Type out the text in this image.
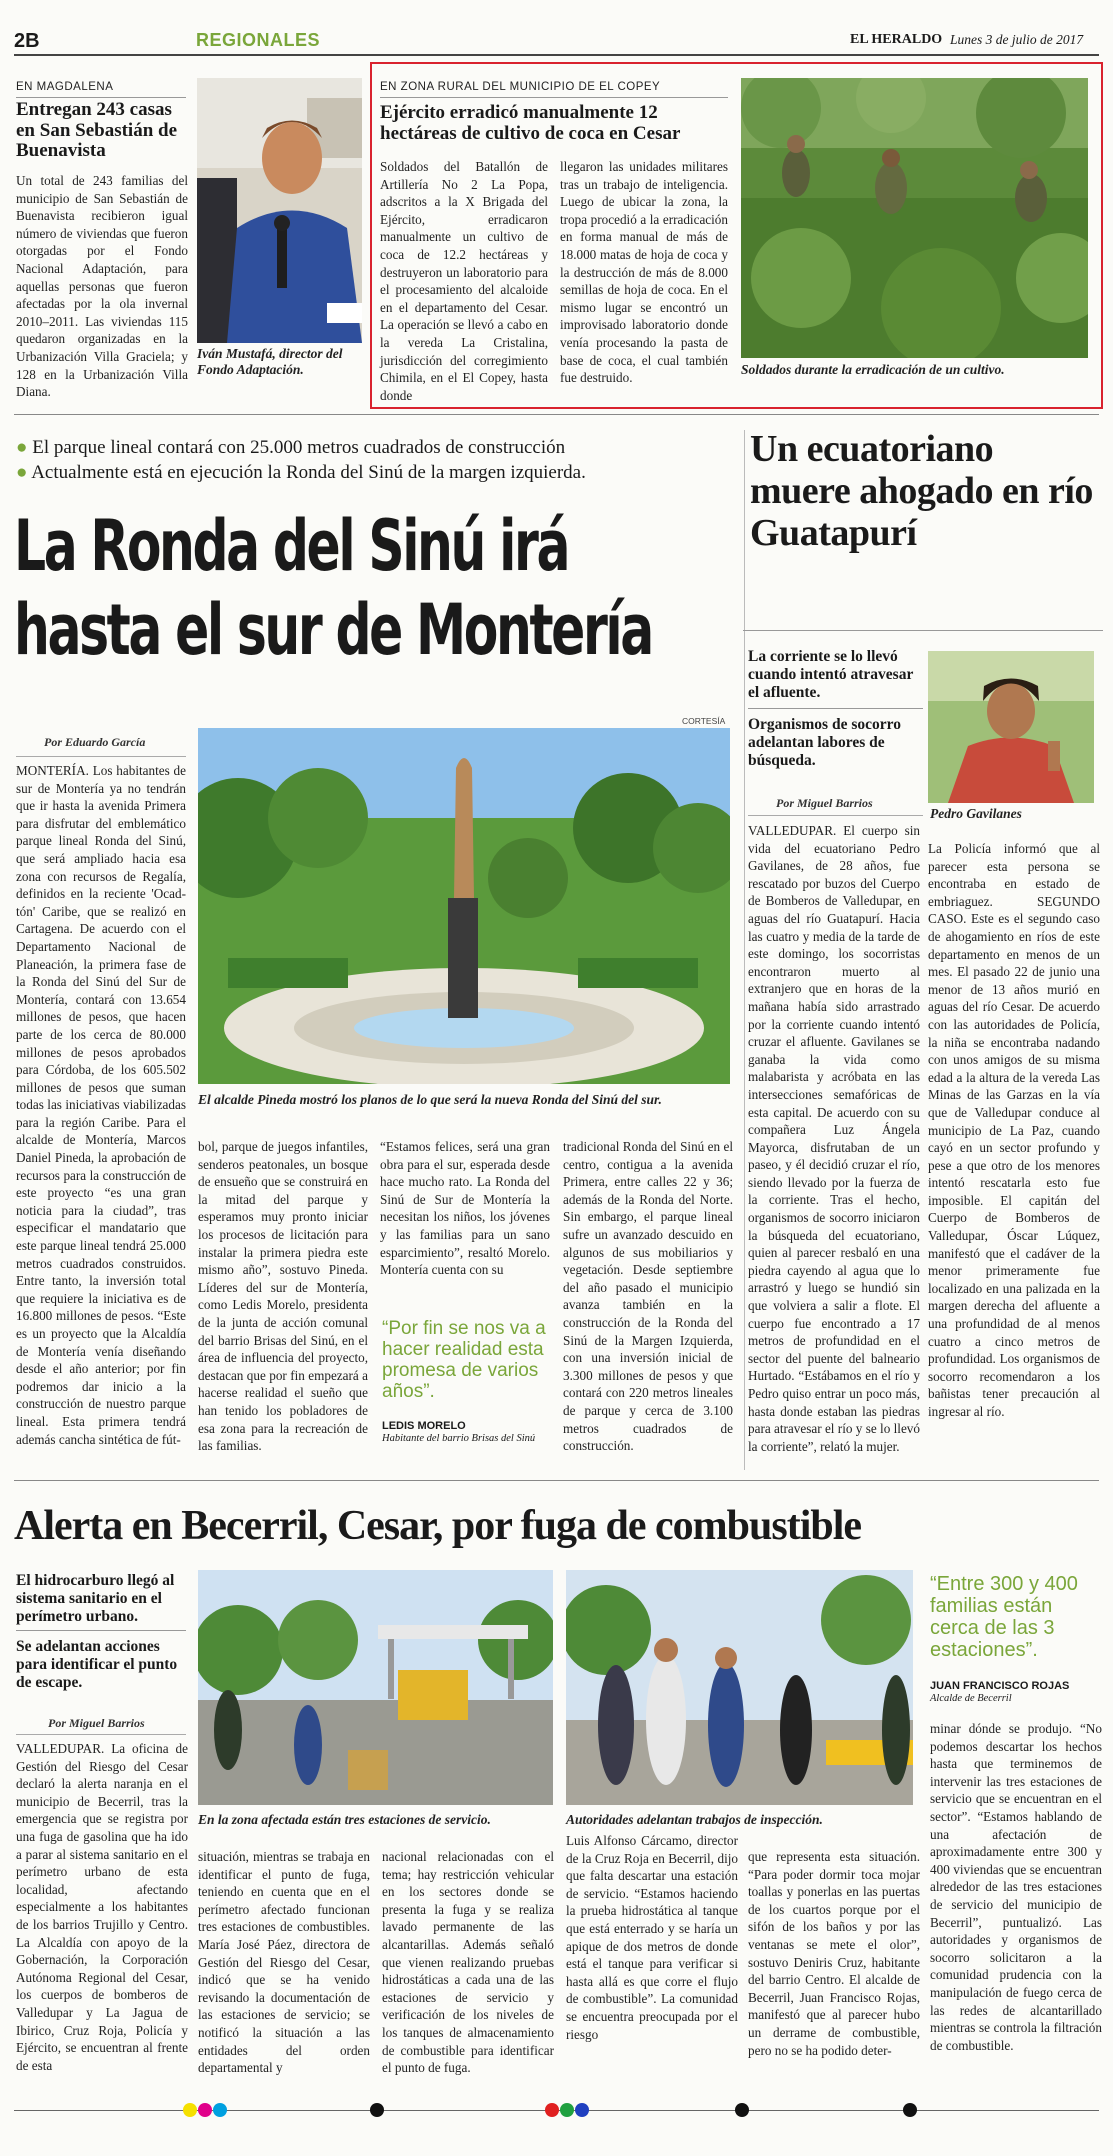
2B	REGIONALES	EL HERALDO Lunes 3 de julio de 2017
EN MAGDALENA
Entregan 243 casas en San Sebastián de Buenavista
Un total de 243 familias del municipio de San Sebastián de Buenavista recibieron igual número de viviendas que fueron otorgadas por el Fondo Nacional Adaptación, para aquellas personas que fueron afectadas por la ola invernal 2010–2011. Las viviendas 115 quedaron organizadas en la Urbanización Villa Graciela; y 128 en la Urbanización Villa Diana.
Iván Mustafá, director del Fondo Adaptación.
EN ZONA RURAL DEL MUNICIPIO DE EL COPEY
Ejército erradicó manualmente 12 hectáreas de cultivo de coca en Cesar
Soldados del Batallón de Artillería No 2 La Popa, adscritos a la X Brigada del Ejército, erradicaron manualmente un cultivo de coca de 12.2 hectáreas y destruyeron un laboratorio para el procesamiento del alcaloide en el departamento del Cesar. La operación se llevó a cabo en la vereda La Cristalina, jurisdicción del corregimiento Chimila, en el El Copey, hasta donde
llegaron las unidades militares tras un trabajo de inteligencia. Luego de ubicar la zona, la tropa procedió a la erradicación en forma manual de más de 18.000 matas de hoja de coca y la destrucción de más de 8.000 semillas de hoja de coca. En el mismo lugar se encontró un improvisado laboratorio donde venía procesando la pasta de base de coca, el cual también fue destruido.
Soldados durante la erradicación de un cultivo.
● El parque lineal contará con 25.000 metros cuadrados de construcción
● Actualmente está en ejecución la Ronda del Sinú de la margen izquierda.
La Ronda del Sinú irá
hasta el sur de Montería
CORTESÍA
Por Eduardo García
El alcalde Pineda mostró los planos de lo que será la nueva Ronda del Sinú del sur.
MONTERÍA. Los habitantes de sur de Montería ya no tendrán que ir hasta la avenida Primera para disfrutar del emblemático parque lineal Ronda del Sinú, que será ampliado hacia esa zona con recursos de Regalía, definidos en la reciente 'Ocad-tón' Caribe, que se realizó en Cartagena. De acuerdo con el Departamento Nacional de Planeación, la primera fase de la Ronda del Sinú del Sur de Montería, contará con 13.654 millones de pesos, que hacen parte de los cerca de 80.000 millones de pesos aprobados para Córdoba, de los 605.502 millones de pesos que suman todas las iniciativas viabilizadas para la región Caribe. Para el alcalde de Montería, Marcos Daniel Pineda, la aprobación de recursos para la construcción de este proyecto “es una gran noticia para la ciudad”, tras especificar el mandatario que este parque lineal tendrá 25.000 metros cuadrados construidos. Entre tanto, la inversión total que requiere la iniciativa es de 16.800 millones de pesos. “Este es un proyecto que la Alcaldía de Montería venía diseñando desde el año anterior; por fin podremos dar inicio a la construcción de nuestro parque lineal. Esta primera tendrá además cancha sintética de fút-
bol, parque de juegos infantiles, senderos peatonales, un bosque de ensueño que se construirá en la mitad del parque y esperamos muy pronto iniciar los procesos de licitación para instalar la primera piedra este mismo año”, sostuvo Pineda. Líderes del sur de Montería, como Ledis Morelo, presidenta de la junta de acción comunal del barrio Brisas del Sinú, en el área de influencia del proyecto, destacan que por fin empezará a hacerse realidad el sueño que han tenido los pobladores de esa zona para la recreación de las familias.
“Estamos felices, será una gran obra para el sur, esperada desde hace mucho rato. La Ronda del Sinú de Sur de Montería la necesitan los niños, los jóvenes y las familias para un sano esparcimiento”, resaltó Morelo. Montería cuenta con su
“Por fin se nos va a hacer realidad esta promesa de varios años”.
LEDIS MORELO
Habitante del barrio Brisas del Sinú
tradicional Ronda del Sinú en el centro, contigua a la avenida Primera, entre calles 22 y 36; además de la Ronda del Norte. Sin embargo, el parque lineal sufre un avanzado descuido en algunos de sus mobiliarios y vegetación. Desde septiembre del año pasado el municipio avanza también en la construcción de la Ronda del Sinú de la Margen Izquierda, con una inversión inicial de 3.300 millones de pesos y que contará con 220 metros lineales de parque y cerca de 3.100 metros cuadrados de construcción.
Un ecuatoriano muere ahogado en río Guatapurí
La corriente se lo llevó cuando intentó atravesar el afluente.
Organismos de socorro adelantan labores de búsqueda.
Por Miguel Barrios
Pedro Gavilanes
VALLEDUPAR. El cuerpo sin vida del ecuatoriano Pedro Gavilanes, de 28 años, fue rescatado por buzos del Cuerpo de Bomberos de Valledupar, en aguas del río Guatapurí. Hacia las cuatro y media de la tarde de este domingo, los socorristas encontraron muerto al extranjero que en horas de la mañana había sido arrastrado por la corriente cuando intentó cruzar el afluente. Gavilanes se ganaba la vida como malabarista y acróbata en las intersecciones semafóricas de esta capital. De acuerdo con su compañera Luz Ángela Mayorca, disfrutaban de un paseo, y él decidió cruzar el río, siendo llevado por la fuerza de la corriente. Tras el hecho, organismos de socorro iniciaron la búsqueda del ecuatoriano, quien al parecer resbaló en una piedra cayendo al agua que lo arrastró y luego se hundió sin que volviera a salir a flote. El cuerpo fue encontrado a 17 metros de profundidad en el sector del puente del balneario Hurtado. “Estábamos en el río y Pedro quiso entrar un poco más, hasta donde estaban las piedras para atravesar el río y se lo llevó la corriente”, relató la mujer.
La Policía informó que al parecer esta persona se encontraba en estado de embriaguez. SEGUNDO CASO. Este es el segundo caso de ahogamiento en ríos de este departamento en menos de un mes. El pasado 22 de junio una menor de 13 años murió en aguas del río Cesar. De acuerdo con las autoridades de Policía, la niña se encontraba nadando con unos amigos de su misma edad a la altura de la vereda Las Minas de las Garzas en la vía que de Valledupar conduce al municipio de La Paz, cuando cayó en un sector profundo y pese a que otro de los menores intentó rescatarla esto fue imposible. El capitán del Cuerpo de Bomberos de Valledupar, Óscar Lúquez, manifestó que el cadáver de la menor primeramente fue localizado en una palizada en la margen derecha del afluente a una profundidad de al menos cuatro a cinco metros de profundidad. Los organismos de socorro recomendaron a los bañistas tener precaución al ingresar al río.
Alerta en Becerril, Cesar, por fuga de combustible
El hidrocarburo llegó al sistema sanitario en el perímetro urbano.
Se adelantan acciones para identificar el punto de escape.
Por Miguel Barrios
VALLEDUPAR. La oficina de Gestión del Riesgo del Cesar declaró la alerta naranja en el municipio de Becerril, tras la emergencia que se registra por una fuga de gasolina que ha ido a parar al sistema sanitario en el perímetro urbano de esta localidad, afectando especialmente a los habitantes de los barrios Trujillo y Centro. La Alcaldía con apoyo de la Gobernación, la Corporación Autónoma Regional del Cesar, los cuerpos de bomberos de Valledupar y La Jagua de Ibirico, Cruz Roja, Policía y Ejército, se encuentran al frente de esta
En la zona afectada están tres estaciones de servicio.	Autoridades adelantan trabajos de inspección.
“Entre 300 y 400 familias están cerca de las 3 estaciones”.
JUAN FRANCISCO ROJAS
Alcalde de Becerril
situación, mientras se trabaja en identificar el punto de fuga, teniendo en cuenta que en el perímetro afectado funcionan tres estaciones de combustibles. María José Páez, directora de Gestión del Riesgo del Cesar, indicó que se ha venido revisando la documentación de las estaciones de servicio; se notificó la situación a las entidades del orden departamental y
nacional relacionadas con el tema; hay restricción vehicular en los sectores donde se presenta la fuga y se realiza lavado permanente de las alcantarillas. Además señaló que vienen realizando pruebas hidrostáticas a cada una de las estaciones de servicio y verificación de los niveles de los tanques de almacenamiento de combustible para identificar el punto de fuga.
Luis Alfonso Cárcamo, director de la Cruz Roja en Becerril, dijo que falta descartar una estación de servicio. “Estamos haciendo la prueba hidrostática al tanque que está enterrado y se haría un apique de dos metros de donde está el tanque para verificar si hasta allá es que corre el flujo de combustible”. La comunidad se encuentra preocupada por el riesgo
que representa esta situación. “Para poder dormir toca mojar toallas y ponerlas en las puertas de los cuartos porque por el sifón de los baños y por las ventanas se mete el olor”, sostuvo Deniris Cruz, habitante del barrio Centro. El alcalde de Becerril, Juan Francisco Rojas, manifestó que al parecer hubo un derrame de combustible, pero no se ha podido deter-
minar dónde se produjo. “No podemos descartar los hechos hasta que terminemos de intervenir las tres estaciones de servicio que se encuentran en el sector”. “Estamos hablando de una afectación de aproximadamente entre 300 y 400 viviendas que se encuentran alrededor de las tres estaciones de servicio del municipio de Becerril”, puntualizó. Las autoridades y organismos de socorro solicitaron a la comunidad prudencia con la manipulación de fuego cerca de las redes de alcantarillado mientras se controla la filtración de combustible.
